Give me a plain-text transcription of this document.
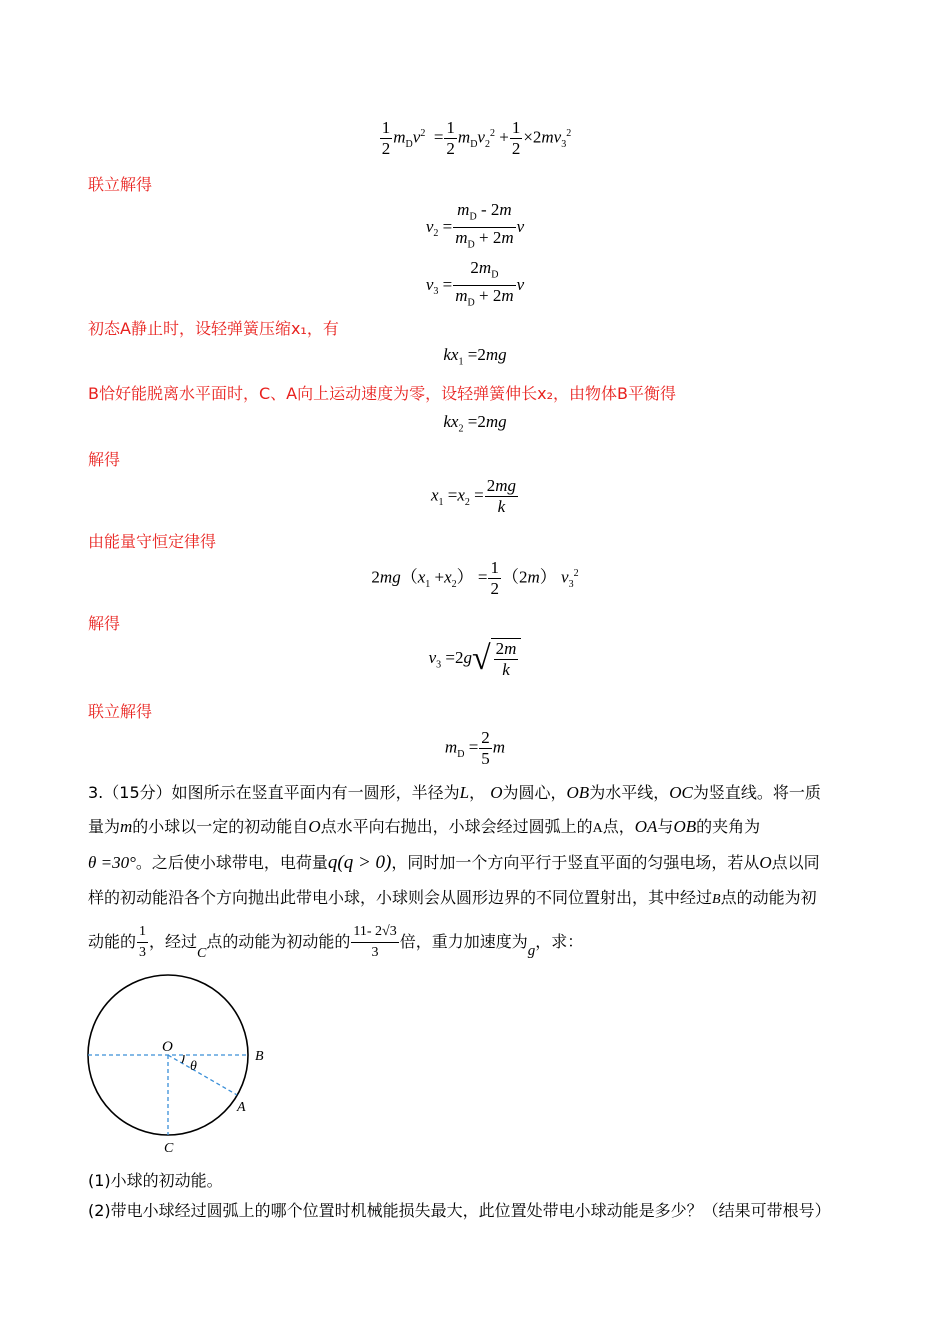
$\frac{1}{2} m_Dv^2 = \frac{1}{2} m_Dv_2^2 + \frac{1}{2} \times 2mv_3^2$
联立解得
$v_2 = \frac{m_D - 2m}{m_D + 2m}$ v
$v_3 = \frac{2m_D}{m_D + 2m}$ v
初态A静止时，设轻弹簧压缩x₁，有
$kx_1 =2mg$
B恰好能脱离水平面时，C、A向上运动速度为零，设轻弹簧伸长x₂，由物体B平衡得
$kx_2 =2mg$
解得
$x_1 =x_2 = \frac{2mg}{k}$
由能量守恒定律得
$2mg(x_1 +x_2) = \frac{1}{2} (2m)$ $v_3^2$
解得
$v_3 =2g√ \frac{2m}{k}$
联立解得
$m_D = \frac{2}{5}$ m
3.（15分）如图所示在竖直平面内有一圆形，半径为L， O为圆心，OB为水平线，OC为竖直线。将一质
量为m的小球以一定的初动能自O点水平向右抛出，小球会经过圆弧上的A点，OA与OB的夹角为
θ =30°。之后使小球带电，电荷量q(q > 0)，同时加一个方向平行于竖直平面的匀强电场，若从O点以同
样的初动能沿各个方向抛出此带电小球，小球则会从圆形边界的不同位置射出，其中经过B点的动能为初
动能的 $\frac{1}{3}$ ，经过C点的动能为初动能的 $\frac{11- 2√3}{3}$ 倍，重力加速度为g，求：
O
B
A
C
θ
(1)小球的初动能。
(2)带电小球经过圆弧上的哪个位置时机械能损失最大，此位置处带电小球动能是多少？（结果可带根号）
